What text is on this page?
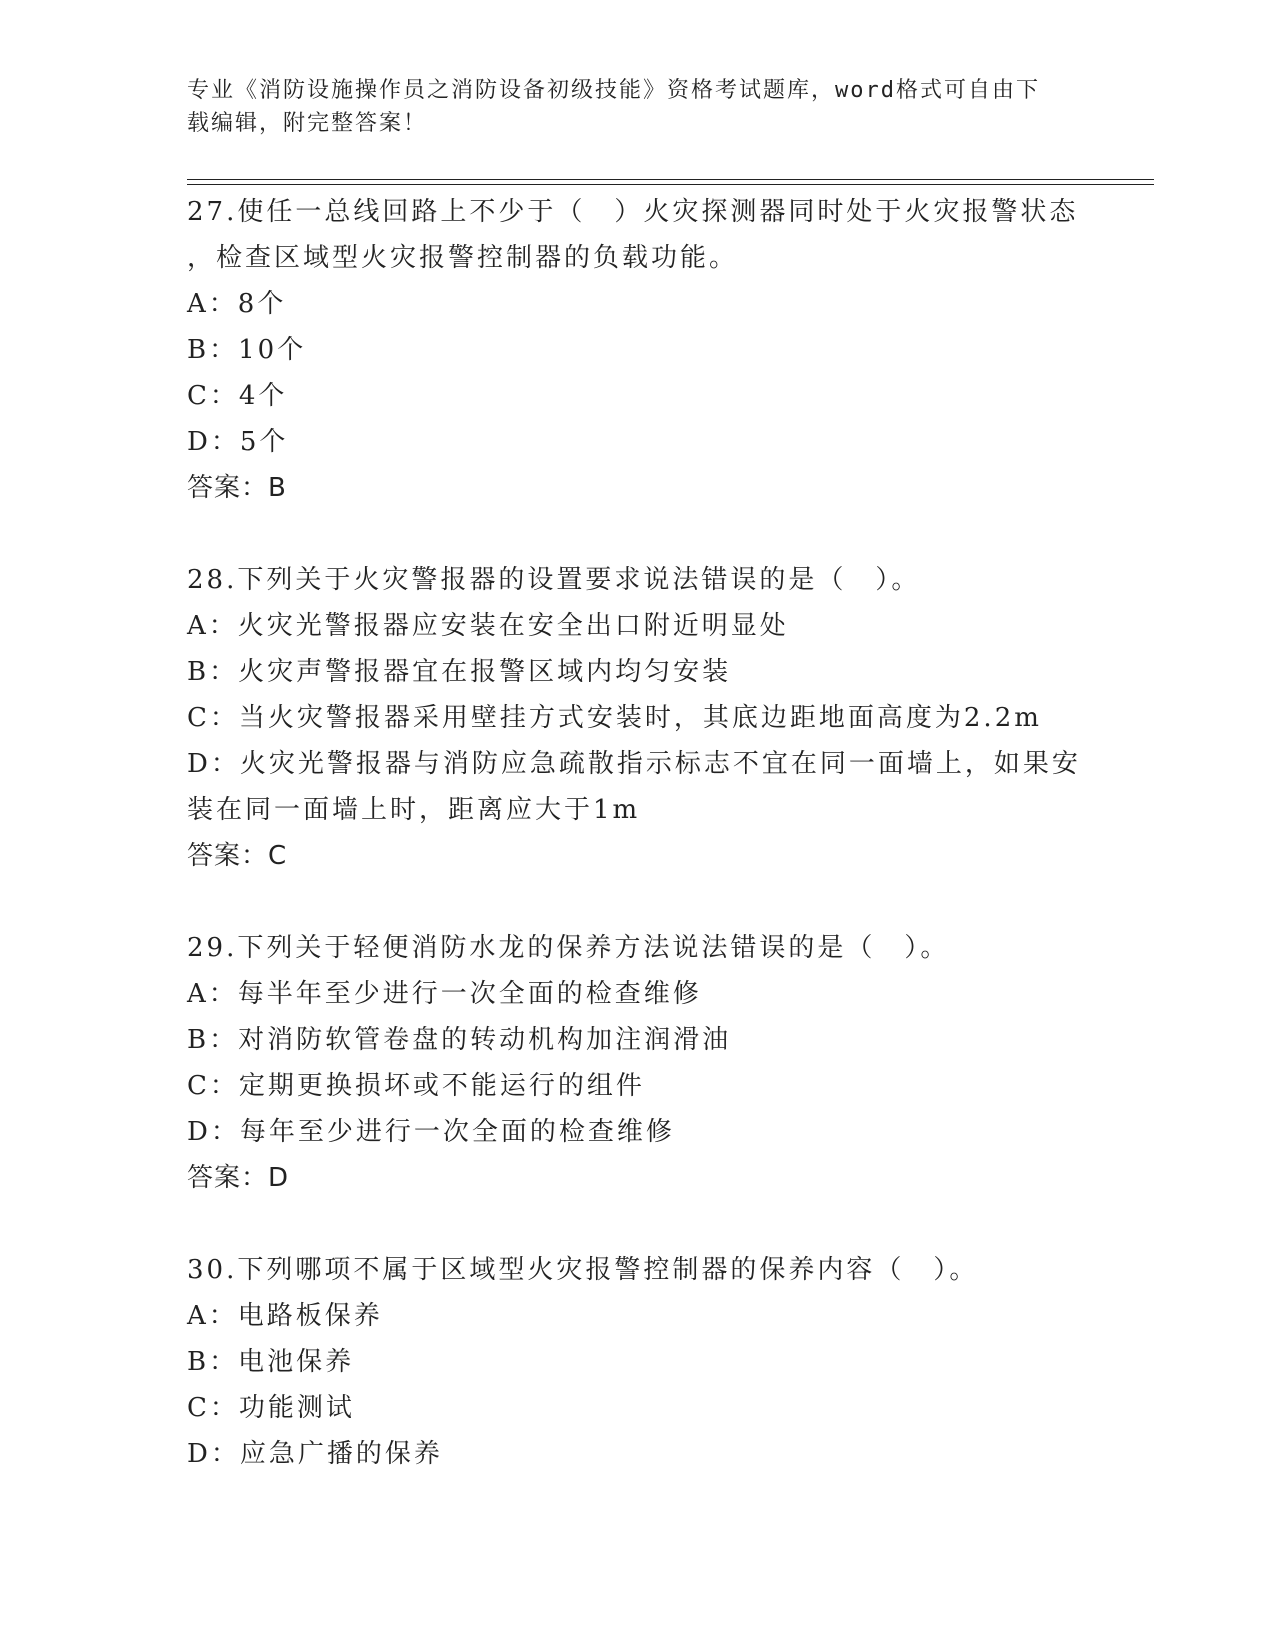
专业《消防设施操作员之消防设备初级技能》资格考试题库，word格式可自由下
载编辑，附完整答案！
27.使任一总线回路上不少于（　）火灾探测器同时处于火灾报警状态
，检查区域型火灾报警控制器的负载功能。
A：8个
B：10个
C：4个
D：5个
答案：B
28.下列关于火灾警报器的设置要求说法错误的是（　）。
A：火灾光警报器应安装在安全出口附近明显处
B：火灾声警报器宜在报警区域内均匀安装
C：当火灾警报器采用壁挂方式安装时，其底边距地面高度为2.2m
D：火灾光警报器与消防应急疏散指示标志不宜在同一面墙上，如果安
装在同一面墙上时，距离应大于1m
答案：C
29.下列关于轻便消防水龙的保养方法说法错误的是（　）。
A：每半年至少进行一次全面的检查维修
B：对消防软管卷盘的转动机构加注润滑油
C：定期更换损坏或不能运行的组件
D：每年至少进行一次全面的检查维修
答案：D
30.下列哪项不属于区域型火灾报警控制器的保养内容（　）。
A：电路板保养
B：电池保养
C：功能测试
D：应急广播的保养
